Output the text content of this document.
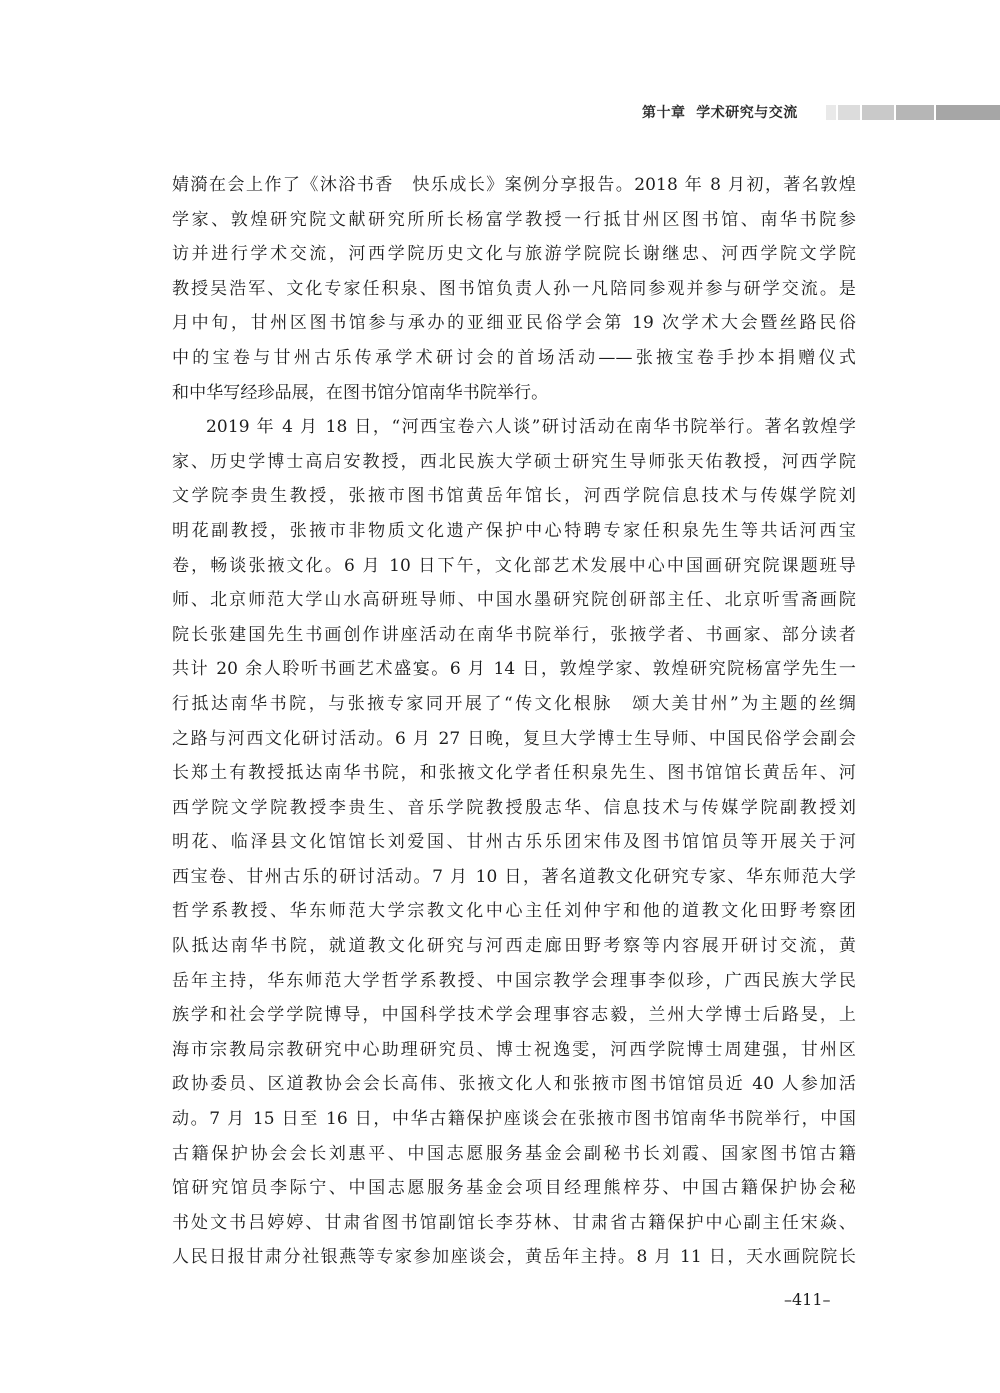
第十章 学术研究与交流
婧漪在会上作了《沐浴书香　快乐成长》案例分享报告。2018 年 8 月初，著名敦煌
学家、敦煌研究院文献研究所所长杨富学教授一行抵甘州区图书馆、南华书院参
访并进行学术交流，河西学院历史文化与旅游学院院长谢继忠、河西学院文学院
教授吴浩军、文化专家任积泉、图书馆负责人孙一凡陪同参观并参与研学交流。是
月中旬，甘州区图书馆参与承办的亚细亚民俗学会第 19 次学术大会暨丝路民俗
中的宝卷与甘州古乐传承学术研讨会的首场活动——张掖宝卷手抄本捐赠仪式
和中华写经珍品展，在图书馆分馆南华书院举行。
2019 年 4 月 18 日，“河西宝卷六人谈”研讨活动在南华书院举行。著名敦煌学
家、历史学博士高启安教授，西北民族大学硕士研究生导师张天佑教授，河西学院
文学院李贵生教授，张掖市图书馆黄岳年馆长，河西学院信息技术与传媒学院刘
明花副教授，张掖市非物质文化遗产保护中心特聘专家任积泉先生等共话河西宝
卷，畅谈张掖文化。6 月 10 日下午，文化部艺术发展中心中国画研究院课题班导
师、北京师范大学山水高研班导师、中国水墨研究院创研部主任、北京听雪斋画院
院长张建国先生书画创作讲座活动在南华书院举行，张掖学者、书画家、部分读者
共计 20 余人聆听书画艺术盛宴。6 月 14 日，敦煌学家、敦煌研究院杨富学先生一
行抵达南华书院，与张掖专家同开展了“传文化根脉　颂大美甘州”为主题的丝绸
之路与河西文化研讨活动。6 月 27 日晚，复旦大学博士生导师、中国民俗学会副会
长郑土有教授抵达南华书院，和张掖文化学者任积泉先生、图书馆馆长黄岳年、河
西学院文学院教授李贵生、音乐学院教授殷志华、信息技术与传媒学院副教授刘
明花、临泽县文化馆馆长刘爱国、甘州古乐乐团宋伟及图书馆馆员等开展关于河
西宝卷、甘州古乐的研讨活动。7 月 10 日，著名道教文化研究专家、华东师范大学
哲学系教授、华东师范大学宗教文化中心主任刘仲宇和他的道教文化田野考察团
队抵达南华书院，就道教文化研究与河西走廊田野考察等内容展开研讨交流，黄
岳年主持，华东师范大学哲学系教授、中国宗教学会理事李似珍，广西民族大学民
族学和社会学学院博导，中国科学技术学会理事容志毅，兰州大学博士后路旻，上
海市宗教局宗教研究中心助理研究员、博士祝逸雯，河西学院博士周建强，甘州区
政协委员、区道教协会会长高伟、张掖文化人和张掖市图书馆馆员近 40 人参加活
动。7 月 15 日至 16 日，中华古籍保护座谈会在张掖市图书馆南华书院举行，中国
古籍保护协会会长刘惠平、中国志愿服务基金会副秘书长刘霞、国家图书馆古籍
馆研究馆员李际宁、中国志愿服务基金会项目经理熊梓芬、中国古籍保护协会秘
书处文书吕婷婷、甘肃省图书馆副馆长李芬林、甘肃省古籍保护中心副主任宋焱、
人民日报甘肃分社银燕等专家参加座谈会，黄岳年主持。8 月 11 日，天水画院院长
–411–
